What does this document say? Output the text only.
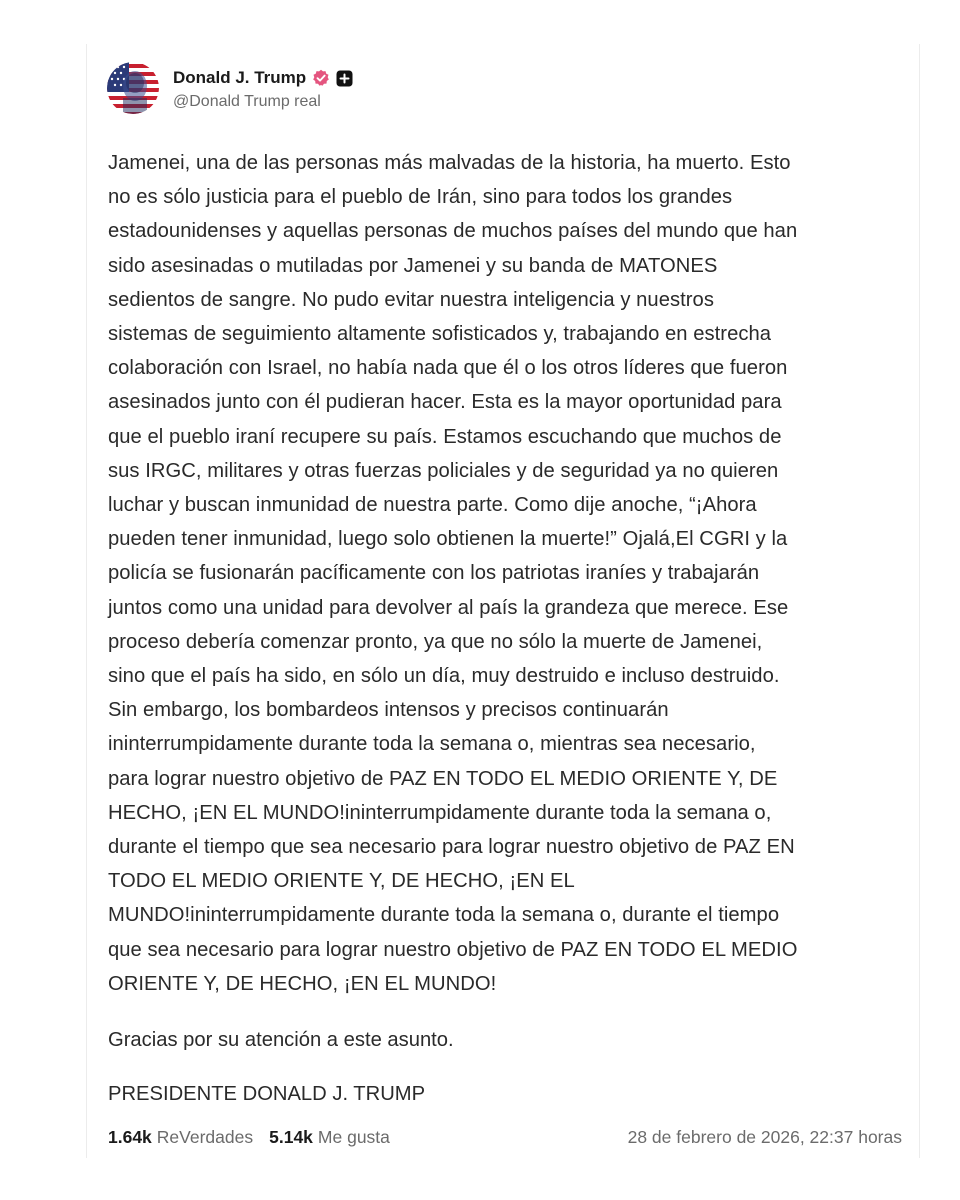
Donald J. Trump
@Donald Trump real
Jamenei, una de las personas más malvadas de la historia, ha muerto. Esto
no es sólo justicia para el pueblo de Irán, sino para todos los grandes
estadounidenses y aquellas personas de muchos países del mundo que han
sido asesinadas o mutiladas por Jamenei y su banda de MATONES
sedientos de sangre. No pudo evitar nuestra inteligencia y nuestros
sistemas de seguimiento altamente sofisticados y, trabajando en estrecha
colaboración con Israel, no había nada que él o los otros líderes que fueron
asesinados junto con él pudieran hacer. Esta es la mayor oportunidad para
que el pueblo iraní recupere su país. Estamos escuchando que muchos de
sus IRGC, militares y otras fuerzas policiales y de seguridad ya no quieren
luchar y buscan inmunidad de nuestra parte. Como dije anoche, “¡Ahora
pueden tener inmunidad, luego solo obtienen la muerte!” Ojalá,El CGRI y la
policía se fusionarán pacíficamente con los patriotas iraníes y trabajarán
juntos como una unidad para devolver al país la grandeza que merece. Ese
proceso debería comenzar pronto, ya que no sólo la muerte de Jamenei,
sino que el país ha sido, en sólo un día, muy destruido e incluso destruido.
Sin embargo, los bombardeos intensos y precisos continuarán
ininterrumpidamente durante toda la semana o, mientras sea necesario,
para lograr nuestro objetivo de PAZ EN TODO EL MEDIO ORIENTE Y, DE
HECHO, ¡EN EL MUNDO!ininterrumpidamente durante toda la semana o,
durante el tiempo que sea necesario para lograr nuestro objetivo de PAZ EN
TODO EL MEDIO ORIENTE Y, DE HECHO, ¡EN EL
MUNDO!ininterrumpidamente durante toda la semana o, durante el tiempo
que sea necesario para lograr nuestro objetivo de PAZ EN TODO EL MEDIO
ORIENTE Y, DE HECHO, ¡EN EL MUNDO!

Gracias por su atención a este asunto.

PRESIDENTE DONALD J. TRUMP

1.64k ReVerdades 5.14k Me gusta	28 de febrero de 2026, 22:37 horas
